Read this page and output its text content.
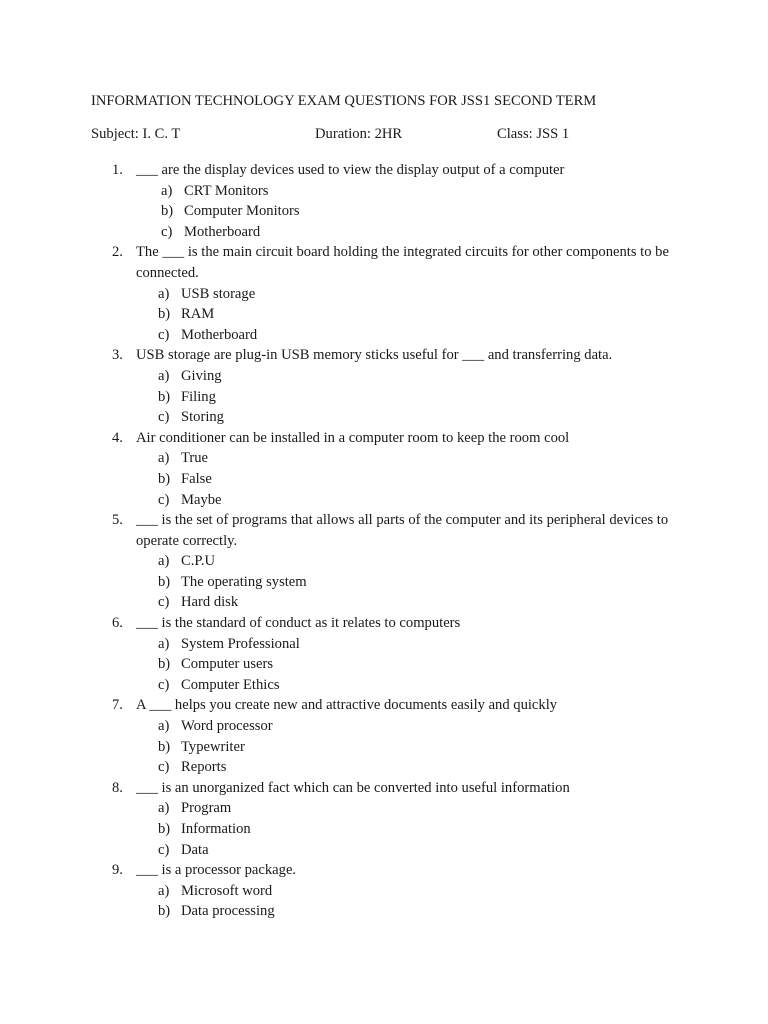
INFORMATION TECHNOLOGY EXAM QUESTIONS FOR JSS1 SECOND TERM
Subject: I. C. T	Duration: 2HR	Class: JSS 1
1. ___ are the display devices used to view the display output of a computer
a) CRT Monitors
b) Computer Monitors
c) Motherboard
2. The ___ is the main circuit board holding the integrated circuits for other components to be connected.
a) USB storage
b) RAM
c) Motherboard
3. USB storage are plug-in USB memory sticks useful for ___ and transferring data.
a) Giving
b) Filing
c) Storing
4. Air conditioner can be installed in a computer room to keep the room cool
a) True
b) False
c) Maybe
5. ___ is the set of programs that allows all parts of the computer and its peripheral devices to operate correctly.
a) C.P.U
b) The operating system
c) Hard disk
6. ___ is the standard of conduct as it relates to computers
a) System Professional
b) Computer users
c) Computer Ethics
7. A ___ helps you create new and attractive documents easily and quickly
a) Word processor
b) Typewriter
c) Reports
8. ___ is an unorganized fact which can be converted into useful information
a) Program
b) Information
c) Data
9. ___ is a processor package.
a) Microsoft word
b) Data processing
